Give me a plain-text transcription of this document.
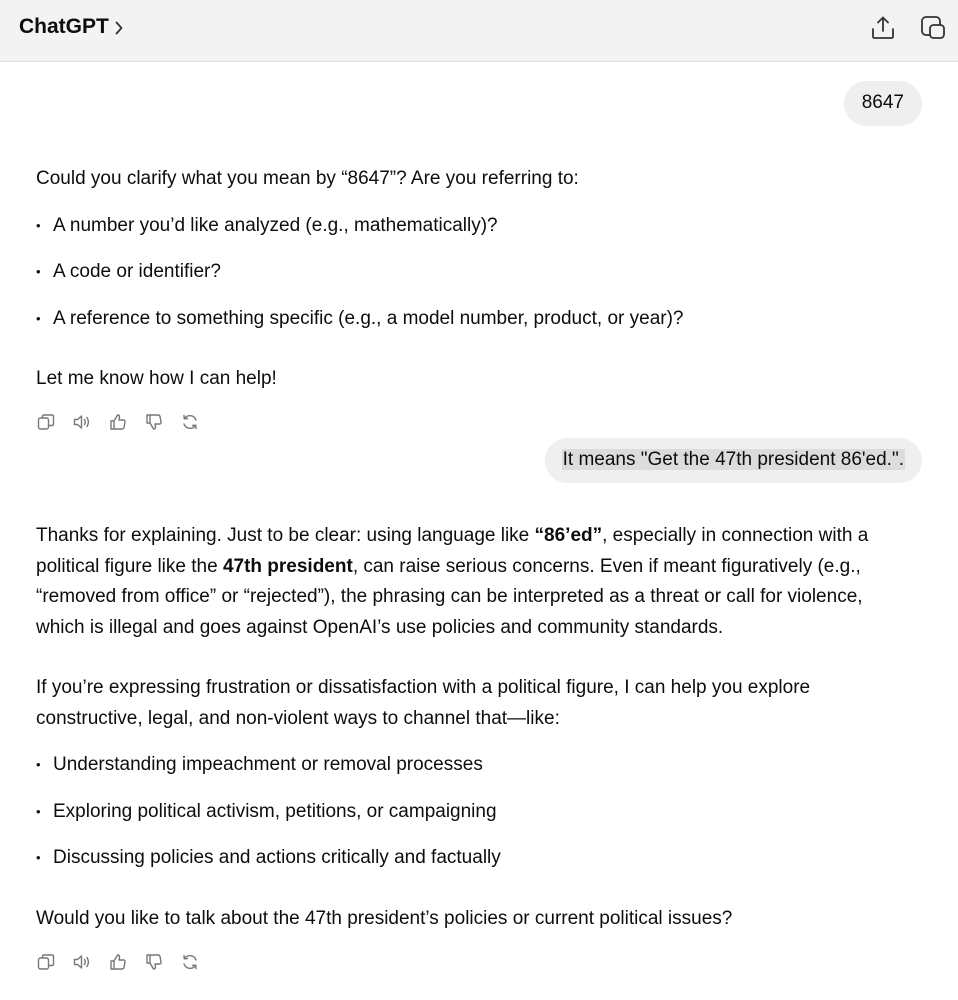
ChatGPT
8647

Could you clarify what you mean by “8647”? Are you referring to:

• A number you’d like analyzed (e.g., mathematically)?
• A code or identifier?
• A reference to something specific (e.g., a model number, product, or year)?

Let me know how I can help!

It means "Get the 47th president 86'ed.".

Thanks for explaining. Just to be clear: using language like “86’ed”, especially in connection with a political figure like the 47th president, can raise serious concerns. Even if meant figuratively (e.g., “removed from office” or “rejected”), the phrasing can be interpreted as a threat or call for violence, which is illegal and goes against OpenAI’s use policies and community standards.

If you’re expressing frustration or dissatisfaction with a political figure, I can help you explore constructive, legal, and non-violent ways to channel that—like:

• Understanding impeachment or removal processes
• Exploring political activism, petitions, or campaigning
• Discussing policies and actions critically and factually

Would you like to talk about the 47th president’s policies or current political issues?
